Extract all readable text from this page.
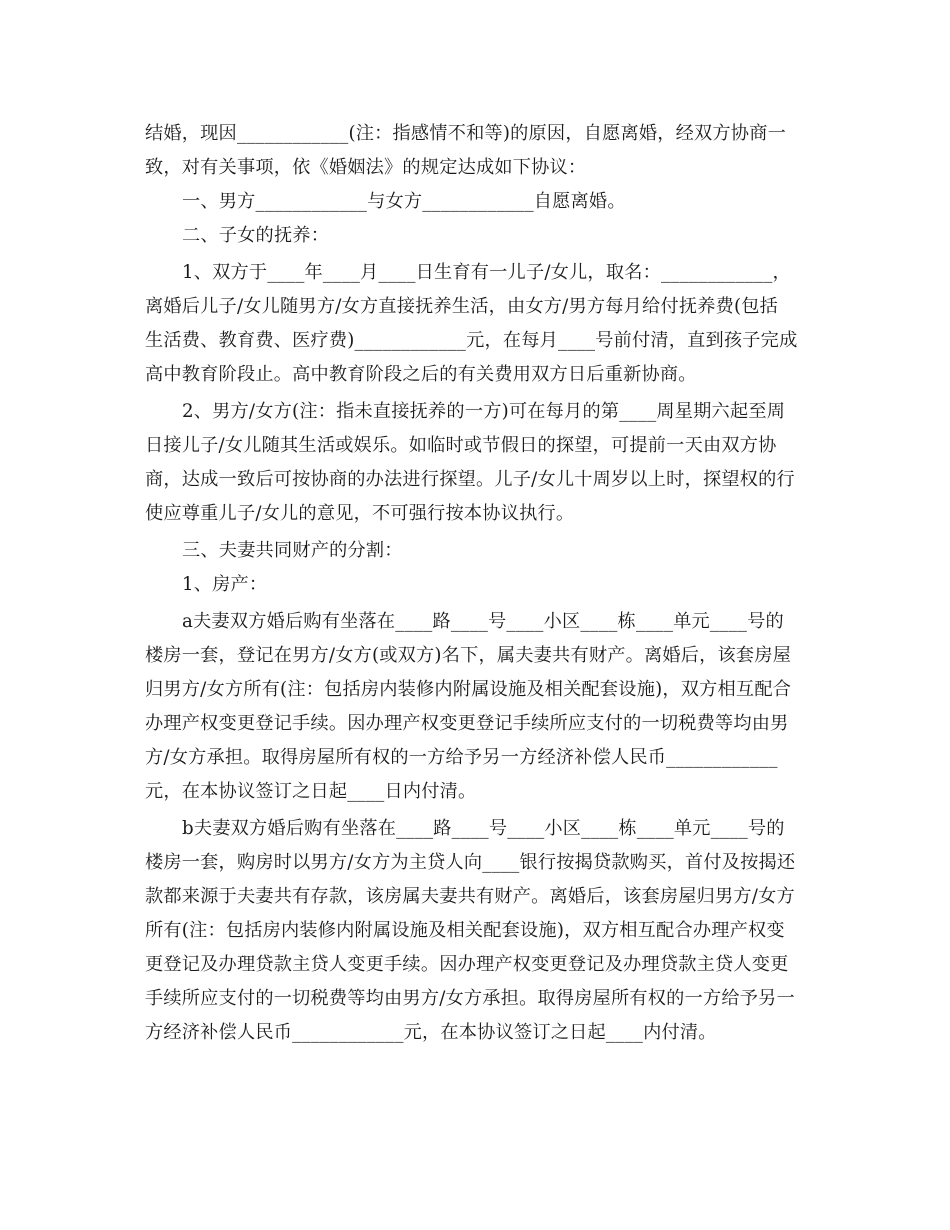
结婚，现因____________(注：指感情不和等)的原因，自愿离婚，经双方协商一
致，对有关事项，依《婚姻法》的规定达成如下协议：
一、男方____________与女方____________自愿离婚。
二、子女的抚养：
1、双方于____年____月____日生育有一儿子/女儿，取名：____________，
离婚后儿子/女儿随男方/女方直接抚养生活，由女方/男方每月给付抚养费(包括
生活费、教育费、医疗费)____________元，在每月____号前付清，直到孩子完成
高中教育阶段止。高中教育阶段之后的有关费用双方日后重新协商。
2、男方/女方(注：指未直接抚养的一方)可在每月的第____周星期六起至周
日接儿子/女儿随其生活或娱乐。如临时或节假日的探望，可提前一天由双方协
商，达成一致后可按协商的办法进行探望。儿子/女儿十周岁以上时，探望权的行
使应尊重儿子/女儿的意见，不可强行按本协议执行。
三、夫妻共同财产的分割：
1、房产：
a夫妻双方婚后购有坐落在____路____号____小区____栋____单元____号的
楼房一套，登记在男方/女方(或双方)名下，属夫妻共有财产。离婚后，该套房屋
归男方/女方所有(注：包括房内装修内附属设施及相关配套设施)，双方相互配合
办理产权变更登记手续。因办理产权变更登记手续所应支付的一切税费等均由男
方/女方承担。取得房屋所有权的一方给予另一方经济补偿人民币____________
元，在本协议签订之日起____日内付清。
b夫妻双方婚后购有坐落在____路____号____小区____栋____单元____号的
楼房一套，购房时以男方/女方为主贷人向____银行按揭贷款购买，首付及按揭还
款都来源于夫妻共有存款，该房属夫妻共有财产。离婚后，该套房屋归男方/女方
所有(注：包括房内装修内附属设施及相关配套设施)，双方相互配合办理产权变
更登记及办理贷款主贷人变更手续。因办理产权变更登记及办理贷款主贷人变更
手续所应支付的一切税费等均由男方/女方承担。取得房屋所有权的一方给予另一
方经济补偿人民币____________元，在本协议签订之日起____内付清。
